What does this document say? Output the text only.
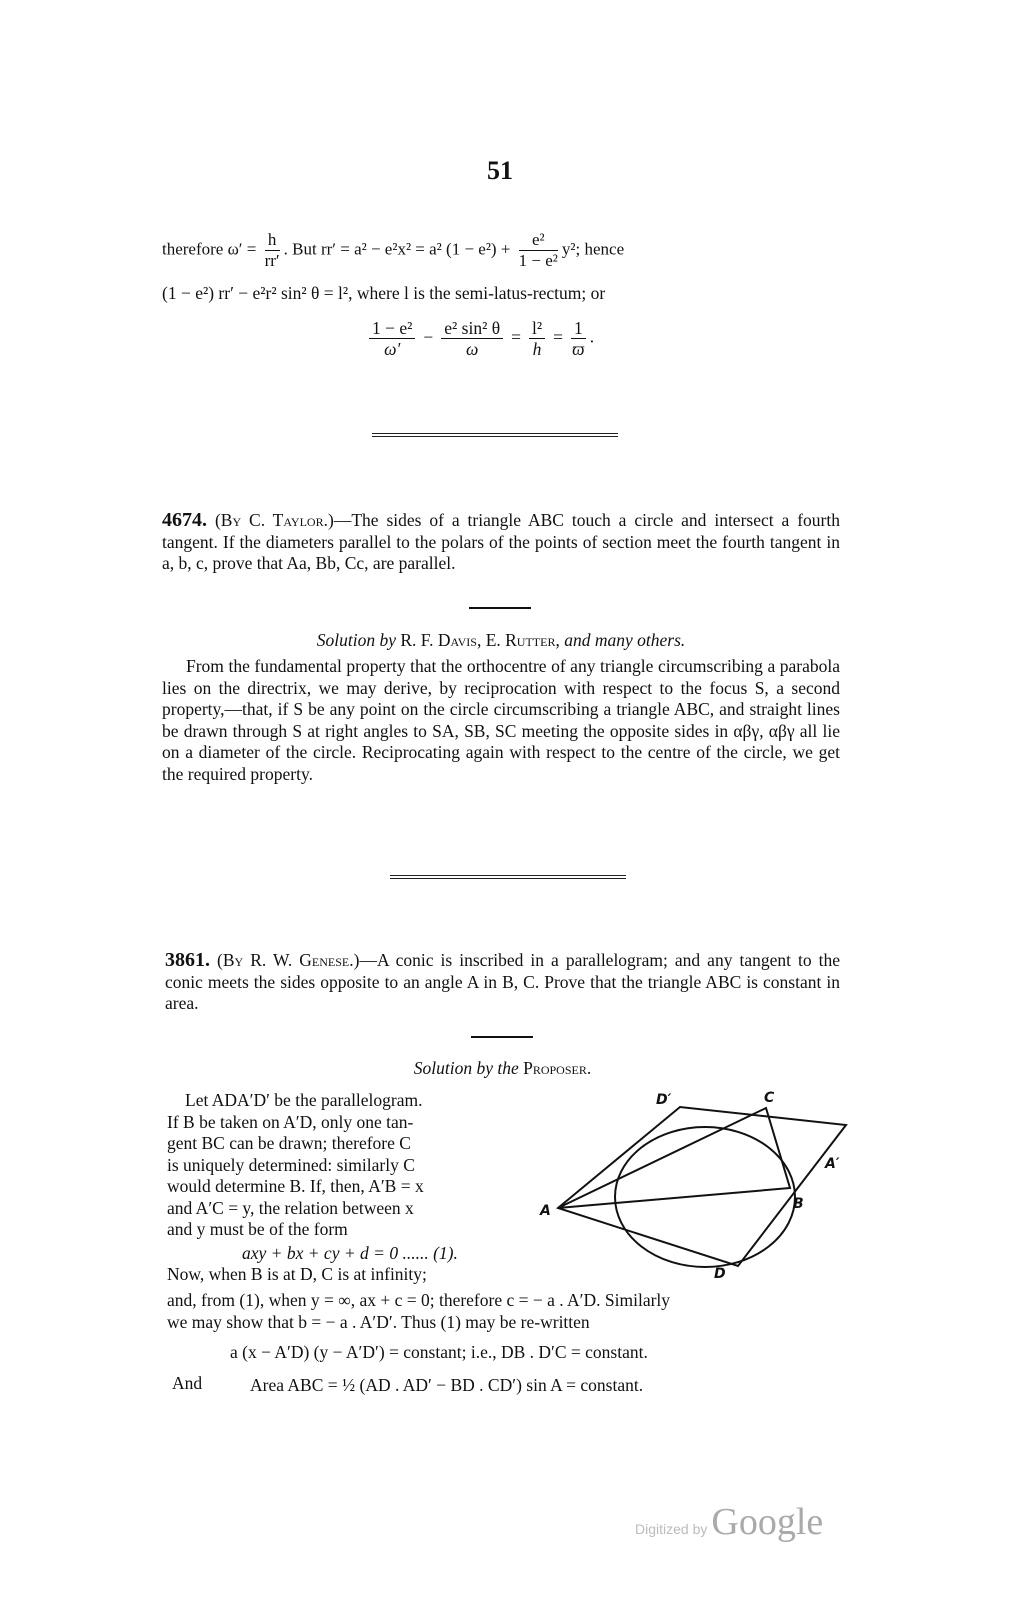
51
therefore $\omega' = \frac{h}{rr'}$ . But rr′ = a² − e²x² = a² $(1 - e^2) + \frac{\text{e²}}{\text{1 − e²}} y^2$; hence
(1 − e²) rr′ − e²r² sin² θ = l², where l is the semi-latus-rectum; or
$\frac{\text{1 − e²}}{\omega'} - \frac{\text{e² sin² θ}}{\omega} = \frac{\text{l²}}{h} = \frac{1}{ϖ}$ .
4674. (By C. Taylor.)—The sides of a triangle ABC touch a circle and intersect a fourth tangent. If the diameters parallel to the polars of the points of section meet the fourth tangent in a, b, c, prove that Aa, Bb, Cc, are parallel.
Solution by R. F. Davis, E. Rutter, and many others.
From the fundamental property that the orthocentre of any triangle circumscribing a parabola lies on the directrix, we may derive, by reciprocation with respect to the focus S, a second property,—that, if S be any point on the circle circumscribing a triangle ABC, and straight lines be drawn through S at right angles to SA, SB, SC meeting the opposite sides in αβγ, αβγ all lie on a diameter of the circle. Reciprocating again with respect to the centre of the circle, we get the required property.
3861. (By R. W. Genese.)—A conic is inscribed in a parallelogram; and any tangent to the conic meets the sides opposite to an angle A in B, C. Prove that the triangle ABC is constant in area.
Solution by the Proposer.
Let ADA′D′ be the parallelogram.
If B be taken on A′D, only one tan-
gent BC can be drawn; therefore C
is uniquely determined: similarly C
would determine B. If, then, A′B = x
and A′C = y, the relation between x
and y must be of the form
axy + bx + cy + d = 0 ...... (1).
Now, when B is at D, C is at infinity;
and, from (1), when y = ∞, ax + c = 0; therefore c = − a . A′D. Similarly
we may show that b = − a . A′D′. Thus (1) may be re-written
a (x − A′D) (y − A′D′) = constant; i.e., DB . D′C = constant.
And	Area ABC = ½ (AD . AD′ − BD . CD′) sin A = constant.
A	B
C
D
D′
A′
Digitized by Google
